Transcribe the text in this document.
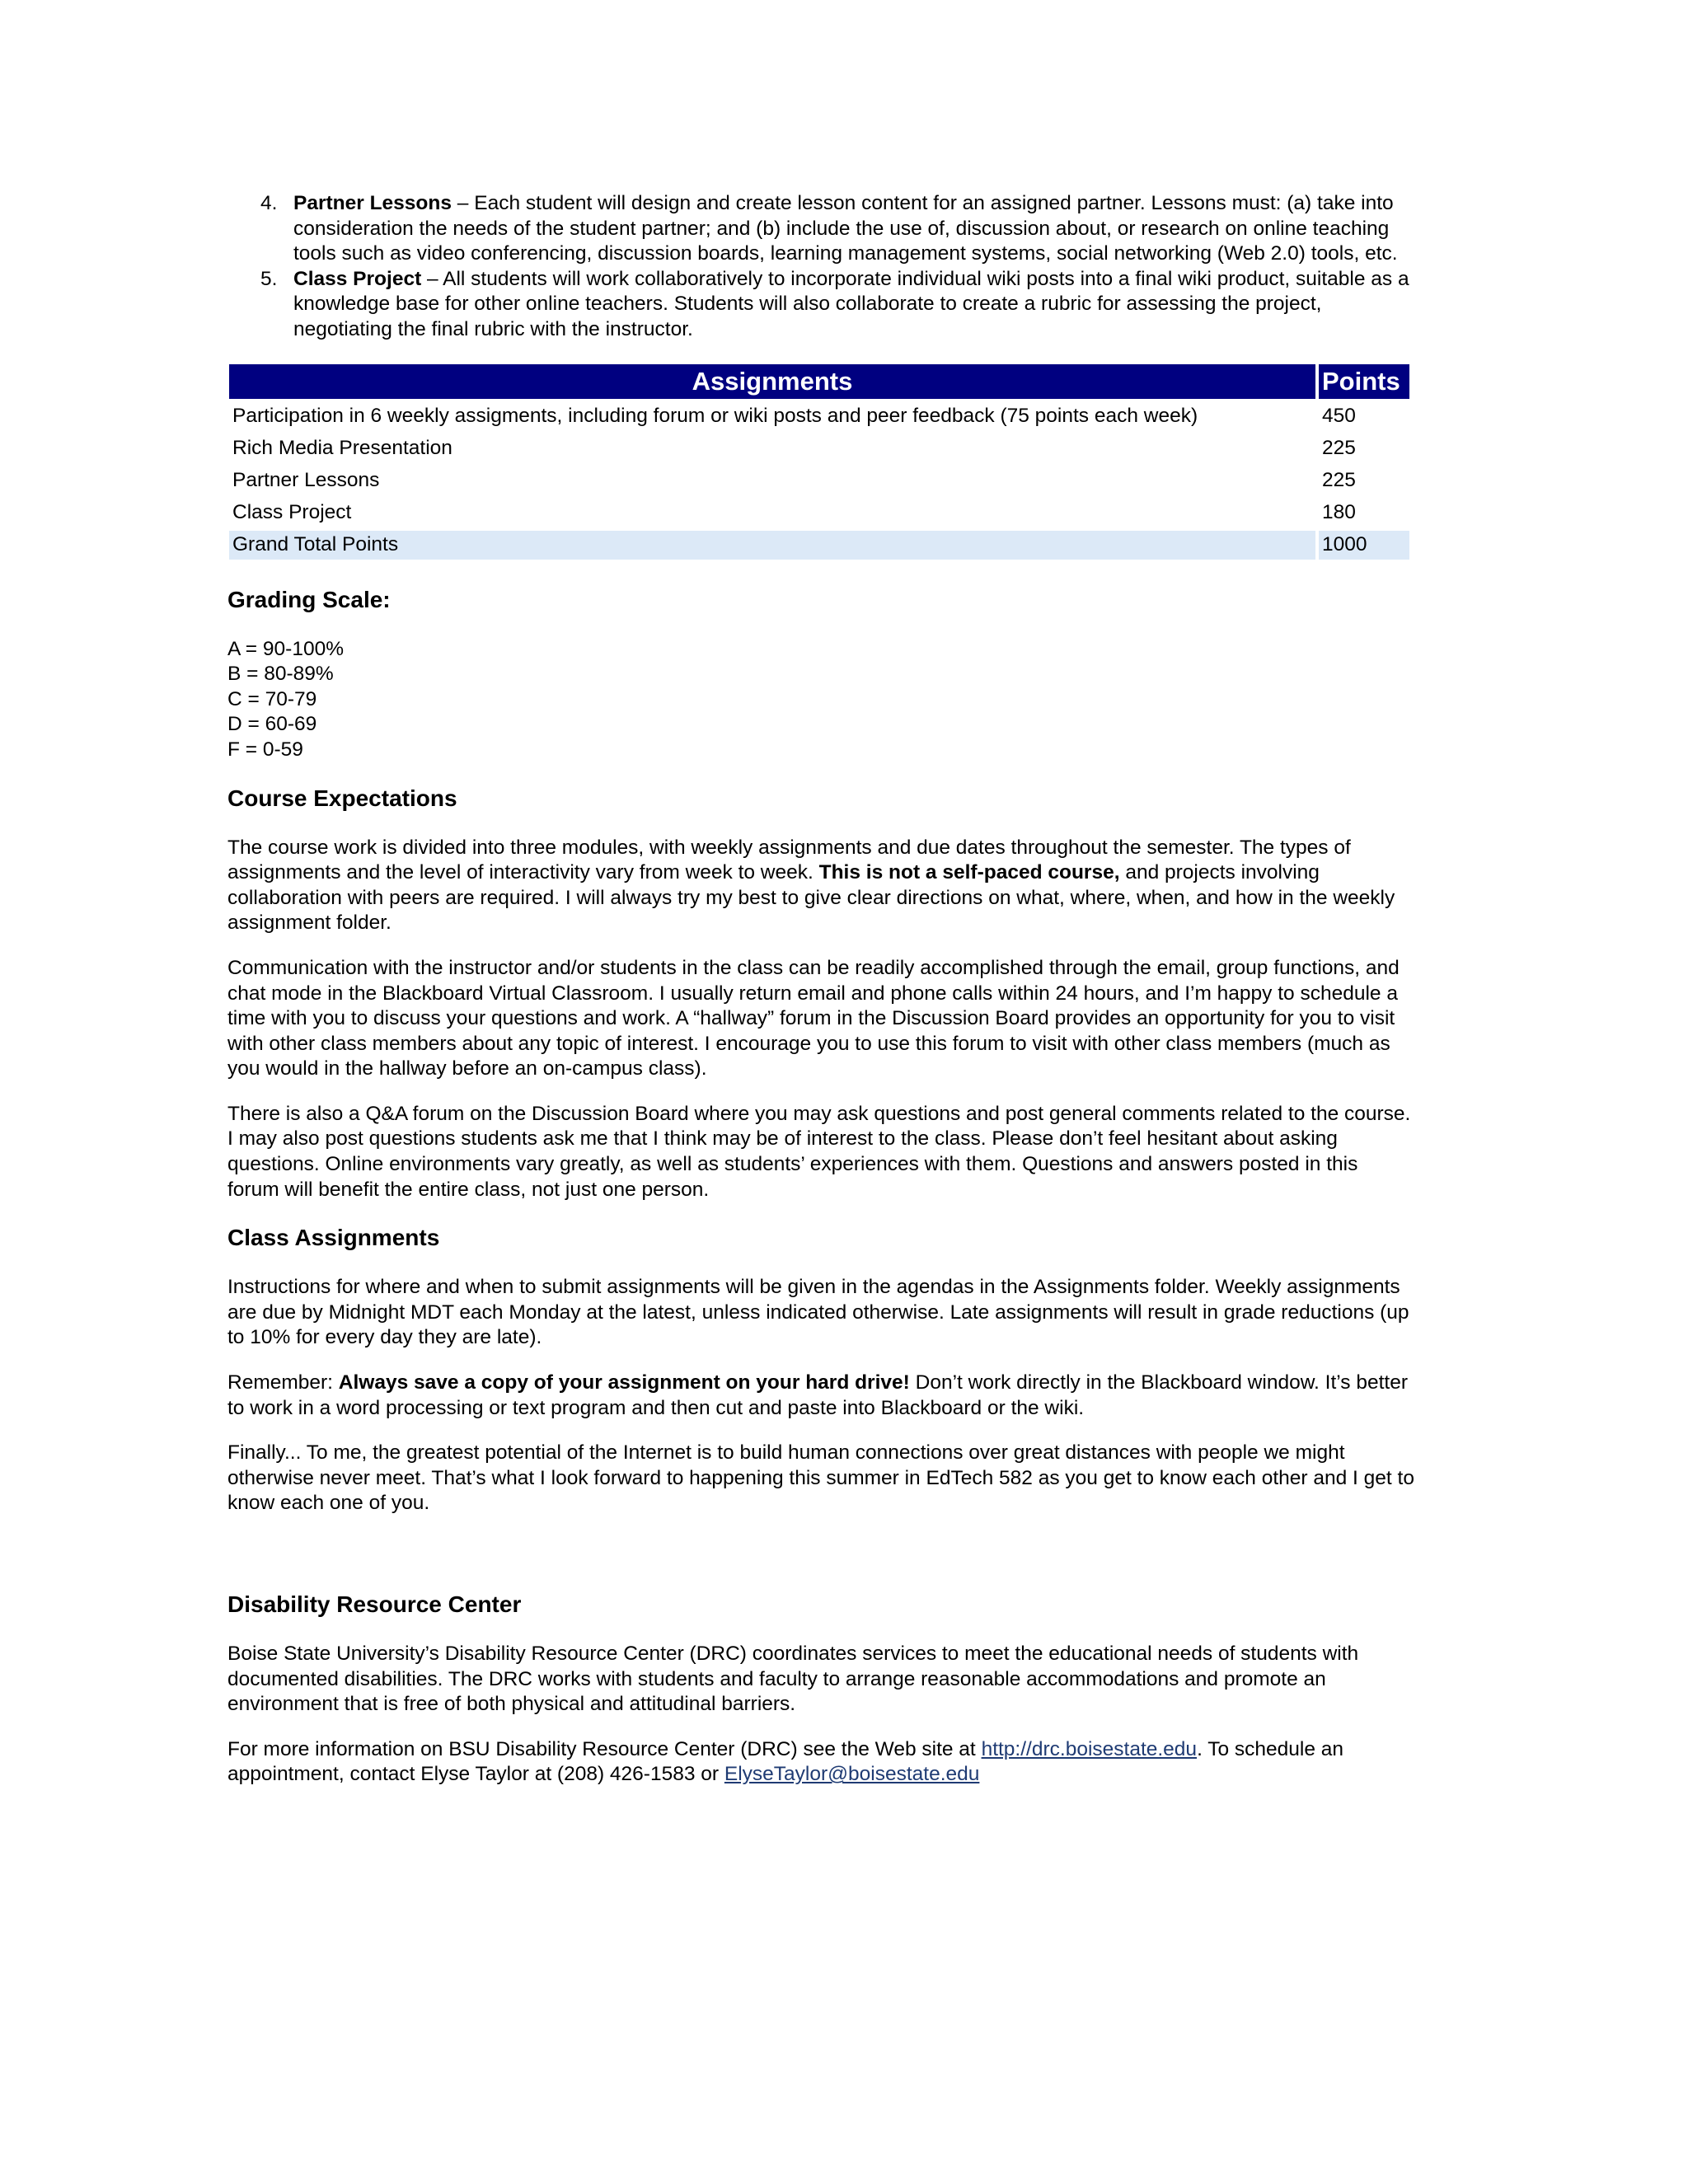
4. Partner Lessons – Each student will design and create lesson content for an assigned partner. Lessons must: (a) take into consideration the needs of the student partner; and (b) include the use of, discussion about, or research on online teaching tools such as video conferencing, discussion boards, learning management systems, social networking (Web 2.0) tools, etc.
5. Class Project – All students will work collaboratively to incorporate individual wiki posts into a final wiki product, suitable as a knowledge base for other online teachers. Students will also collaborate to create a rubric for assessing the project, negotiating the final rubric with the instructor.
Assignments	Points
Participation in 6 weekly assigments, including forum or wiki posts and peer feedback (75 points each week)	450
Rich Media Presentation	225
Partner Lessons	225
Class Project	180
Grand Total Points	1000
Grading Scale:
A = 90-100%
B = 80-89%
C = 70-79
D = 60-69
F = 0-59
Course Expectations

The course work is divided into three modules, with weekly assignments and due dates throughout the semester. The types of assignments and the level of interactivity vary from week to week. This is not a self-paced course, and projects involving collaboration with peers are required. I will always try my best to give clear directions on what, where, when, and how in the weekly assignment folder.

Communication with the instructor and/or students in the class can be readily accomplished through the email, group functions, and chat mode in the Blackboard Virtual Classroom. I usually return email and phone calls within 24 hours, and I’m happy to schedule a time with you to discuss your questions and work. A “hallway” forum in the Discussion Board provides an opportunity for you to visit with other class members about any topic of interest. I encourage you to use this forum to visit with other class members (much as you would in the hallway before an on-campus class).

There is also a Q&A forum on the Discussion Board where you may ask questions and post general comments related to the course. I may also post questions students ask me that I think may be of interest to the class. Please don’t feel hesitant about asking questions. Online environments vary greatly, as well as students’ experiences with them. Questions and answers posted in this forum will benefit the entire class, not just one person.

Class Assignments

Instructions for where and when to submit assignments will be given in the agendas in the Assignments folder. Weekly assignments are due by Midnight MDT each Monday at the latest, unless indicated otherwise. Late assignments will result in grade reductions (up to 10% for every day they are late).

Remember: Always save a copy of your assignment on your hard drive! Don’t work directly in the Blackboard window. It’s better to work in a word processing or text program and then cut and paste into Blackboard or the wiki.

Finally... To me, the greatest potential of the Internet is to build human connections over great distances with people we might otherwise never meet. That’s what I look forward to happening this summer in EdTech 582 as you get to know each other and I get to know each one of you.

Disability Resource Center

Boise State University’s Disability Resource Center (DRC) coordinates services to meet the educational needs of students with documented disabilities. The DRC works with students and faculty to arrange reasonable accommodations and promote an environment that is free of both physical and attitudinal barriers.

For more information on BSU Disability Resource Center (DRC) see the Web site at http://drc.boisestate.edu. To schedule an appointment, contact Elyse Taylor at (208) 426-1583 or ElyseTaylor@boisestate.edu
